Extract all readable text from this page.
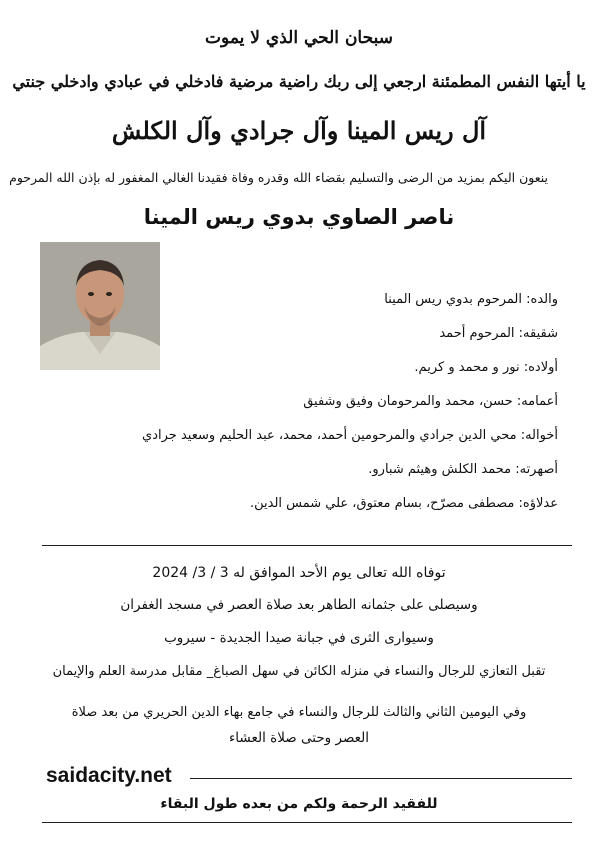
سبحان الحي الذي لا يموت
يا أيتها النفس المطمئنة ارجعي إلى ربك راضية مرضية فادخلي في عبادي وادخلي جنتي
آل ريس المينا وآل جرادي وآل الكلش
ينعون اليكم بمزيد من الرضى والتسليم بقضاء الله وقدره وفاة فقيدنا الغالي المغفور له بإذن الله المرحوم
ناصر الصاوي بدوي ريس المينا
والده: المرحوم بدوي ريس المينا
شقيقه: المرحوم أحمد
أولاده: نور و محمد و كريم.
أعمامه: حسن، محمد والمرحومان وفيق وشفيق
أخواله: محي الدين جرادي والمرحومين أحمد، محمد، عبد الحليم وسعيد جرادي
أصهرته: محمد الكلش وهيثم شبارو.
عدلاؤه: مصطفى مصرّح، بسام معتوق، علي شمس الدين.
توفاه الله تعالى يوم الأحد الموافق له 3 / 3/ 2024
وسيصلى على جثمانه الطاهر بعد صلاة العصر في مسجد الغفران
وسيوارى الثرى في جبانة صيدا الجديدة - سيروب
تقبل التعازي للرجال والنساء في منزله الكائن في سهل الصباغ_ مقابل مدرسة العلم والإيمان
وفي اليومين الثاني والثالث للرجال والنساء في جامع بهاء الدين الحريري من بعد صلاة
العصر وحتى صلاة العشاء
saidacity.net
للفقيد الرحمة ولكم من بعده طول البقاء
